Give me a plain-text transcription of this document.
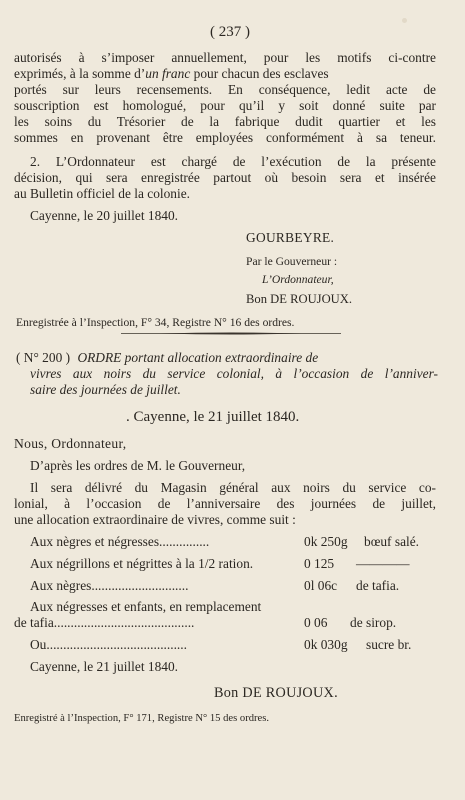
( 237 )
autorisés à s’imposer annuellement, pour les motifs ci-contre
exprimés, à la somme d’un franc pour chacun des esclaves
portés sur leurs recensements. En conséquence, ledit acte de
souscription est homologué, pour qu’il y soit donné suite par
les soins du Trésorier de la fabrique dudit quartier et les
sommes en provenant être employées conformément à sa teneur.
2. L’Ordonnateur est chargé de l’exécution de la présente
décision, qui sera enregistrée partout où besoin sera et insérée
au Bulletin officiel de la colonie.
Cayenne, le 20 juillet 1840.
GOURBEYRE.
Par le Gouverneur :
L’Ordonnateur,
Bon DE ROUJOUX.
Enregistrée à l’Inspection, F° 34, Registre N° 16 des ordres.
( N° 200 ) ORDRE portant allocation extraordinaire de
vivres aux noirs du service colonial, à l’occasion de l’anniver-
saire des journées de juillet.
. Cayenne, le 21 juillet 1840.
Nous, Ordonnateur,
D’après les ordres de M. le Gouverneur,
Il sera délivré du Magasin général aux noirs du service co-
lonial, à l’occasion de l’anniversaire des journées de juillet,
une allocation extraordinaire de vivres, comme suit :
Aux nègres et négresses...............	0k 250g bœuf salé.
Aux négrillons et négrittes à la 1/2 ration.	0 125 ————
Aux nègres.............................	0l 06c de tafia.
Aux négresses et enfants, en remplacement
de tafia..........................................	0 06 de sirop.
Ou..........................................	0k 030g sucre br.
Cayenne, le 21 juillet 1840.
Bon DE ROUJOUX.
Enregistré à l’Inspection, F° 171, Registre N° 15 des ordres.
